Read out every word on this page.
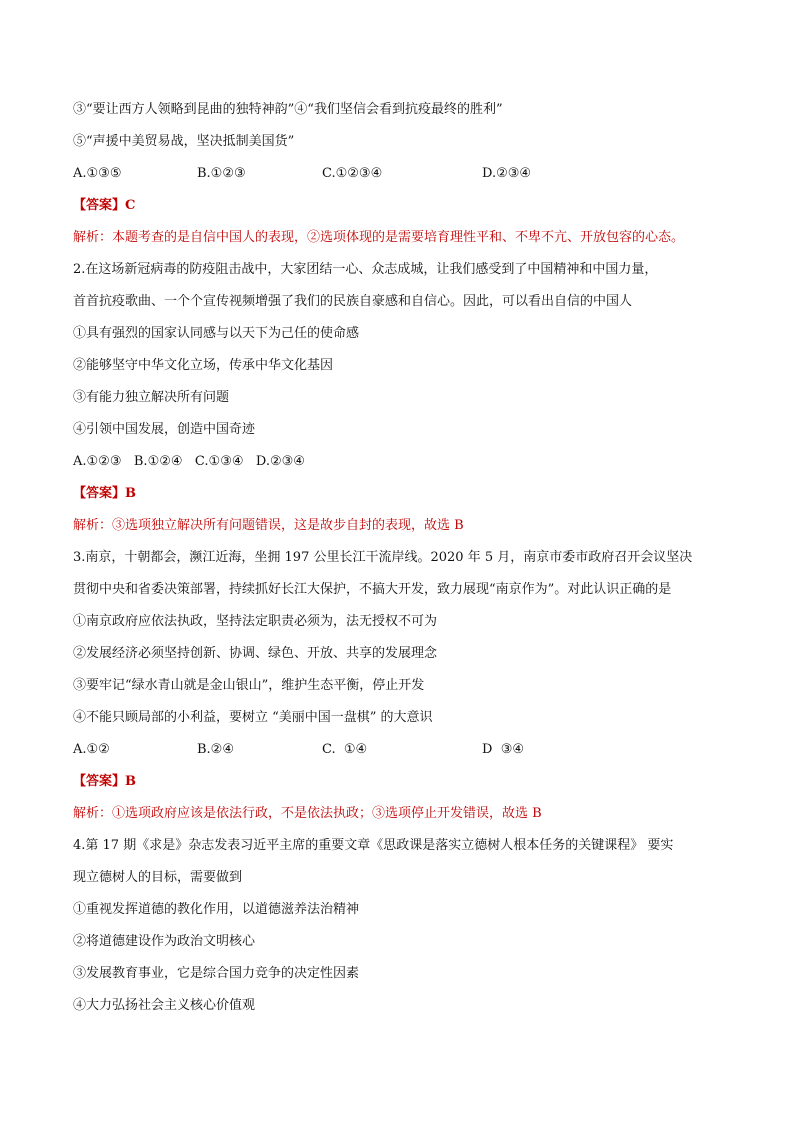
③“要让西方人领略到昆曲的独特神韵”④“我们坚信会看到抗疫最终的胜利”
⑤“声援中美贸易战，坚决抵制美国货”
A.①③⑤	B.①②③	C.①②③④	D.②③④
【答案】C
解析：本题考查的是自信中国人的表现，②选项体现的是需要培育理性平和、不卑不亢、开放包容的心态。
2.在这场新冠病毒的防疫阻击战中，大家团结一心、众志成城，让我们感受到了中国精神和中国力量，
首首抗疫歌曲、一个个宣传视频增强了我们的民族自豪感和自信心。因此，可以看出自信的中国人
①具有强烈的国家认同感与以天下为己任的使命感
②能够坚守中华文化立场，传承中华文化基因
③有能力独立解决所有问题
④引领中国发展，创造中国奇迹
A.①②③   B.①②④   C.①③④   D.②③④
【答案】B
解析：③选项独立解决所有问题错误，这是故步自封的表现，故选 B
3.南京，十朝都会，濒江近海，坐拥 197 公里长江干流岸线。2020 年 5 月，南京市委市政府召开会议坚决
贯彻中央和省委决策部署，持续抓好长江大保护，不搞大开发，致力展现“南京作为”。对此认识正确的是
①南京政府应依法执政，坚持法定职责必须为，法无授权不可为
②发展经济必须坚持创新、协调、绿色、开放、共享的发展理念
③要牢记“绿水青山就是金山银山”，维护生态平衡，停止开发
④不能只顾局部的小利益，要树立 “美丽中国一盘棋” 的大意识
A.①②	B.②④	C.  ①④	D  ③④
【答案】B
解析：①选项政府应该是依法行政，不是依法执政；③选项停止开发错误，故选 B
4.第 17 期《求是》杂志发表习近平主席的重要文章《思政课是落实立德树人根本任务的关键课程》 要实
现立德树人的目标，需要做到
①重视发挥道德的教化作用，以道德滋养法治精神
②将道德建设作为政治文明核心
③发展教育事业，它是综合国力竞争的决定性因素
④大力弘扬社会主义核心价值观
